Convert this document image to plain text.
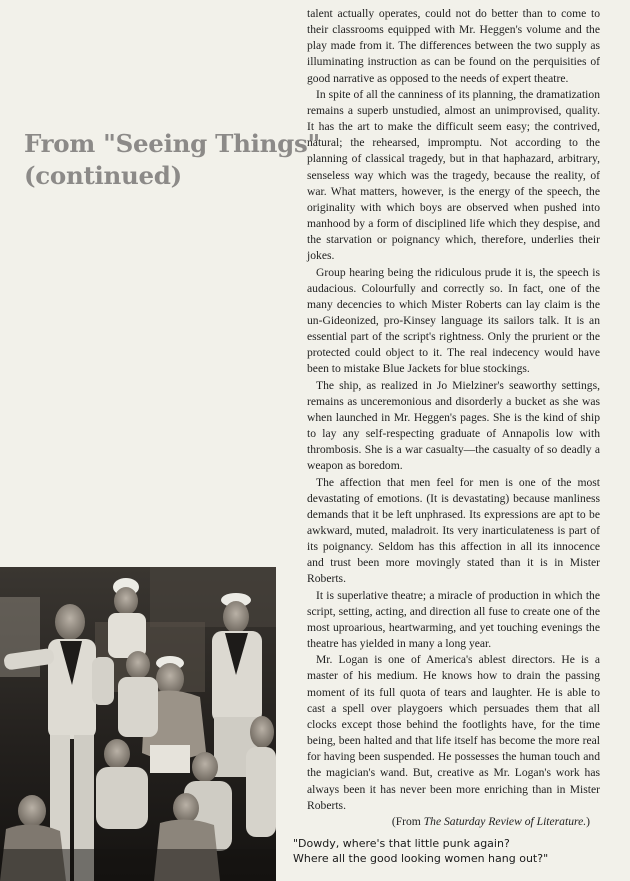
From "Seeing Things"
(continued)

talent actually operates, could not do better than to come to their classrooms equipped with Mr. Heggen's volume and the play made from it. The differences between the two supply as illuminating instruction as can be found on the perquisities of good narrative as opposed to the needs of expert theatre.

In spite of all the canniness of its planning, the dramatization remains a superb unstudied, almost an unimprovised, quality. It has the art to make the difficult seem easy; the contrived, natural; the rehearsed, impromptu. Not according to the planning of classical tragedy, but in that haphazard, arbitrary, senseless way which was the tragedy, because the reality, of war. What matters, however, is the energy of the speech, the originality with which boys are observed when pushed into manhood by a form of disciplined life which they despise, and the starvation or poignancy which, therefore, underlies their jokes.

Group hearing being the ridiculous prude it is, the speech is audacious. Colourfully and correctly so. In fact, one of the many decencies to which Mister Roberts can lay claim is the un-Gideonized, pro-Kinsey language its sailors talk. It is an essential part of the script's rightness. Only the prurient or the protected could object to it. The real indecency would have been to mistake Blue Jackets for blue stockings.

The ship, as realized in Jo Mielziner's seaworthy settings, remains as unceremonious and disorderly a bucket as she was when launched in Mr. Heggen's pages. She is the kind of ship to lay any self-respecting graduate of Annapolis low with thrombosis. She is a war casualty—the casualty of so deadly a weapon as boredom.

The affection that men feel for men is one of the most devastating of emotions. (It is devastating) because manliness demands that it be left unphrased. Its expressions are apt to be awkward, muted, maladroit. Its very inarticulateness is part of its poignancy. Seldom has this affection in all its innocence and trust been more movingly stated than it is in Mister Roberts.

It is superlative theatre; a miracle of production in which the script, setting, acting, and direction all fuse to create one of the most uproarious, heartwarming, and yet touching evenings the theatre has yielded in many a long year.

Mr. Logan is one of America's ablest directors. He is a master of his medium. He knows how to drain the passing moment of its full quota of tears and laughter. He is able to cast a spell over playgoers which persuades them that all clocks except those behind the footlights have, for the time being, been halted and that life itself has become the more real for having been suspended. He possesses the human touch and the magician's wand. But, creative as Mr. Logan's work has always been it has never been more enriching than in Mister Roberts.

(From The Saturday Review of Literature.)

"Dowdy, where's that little punk again?
Where all the good looking women hang out?"
